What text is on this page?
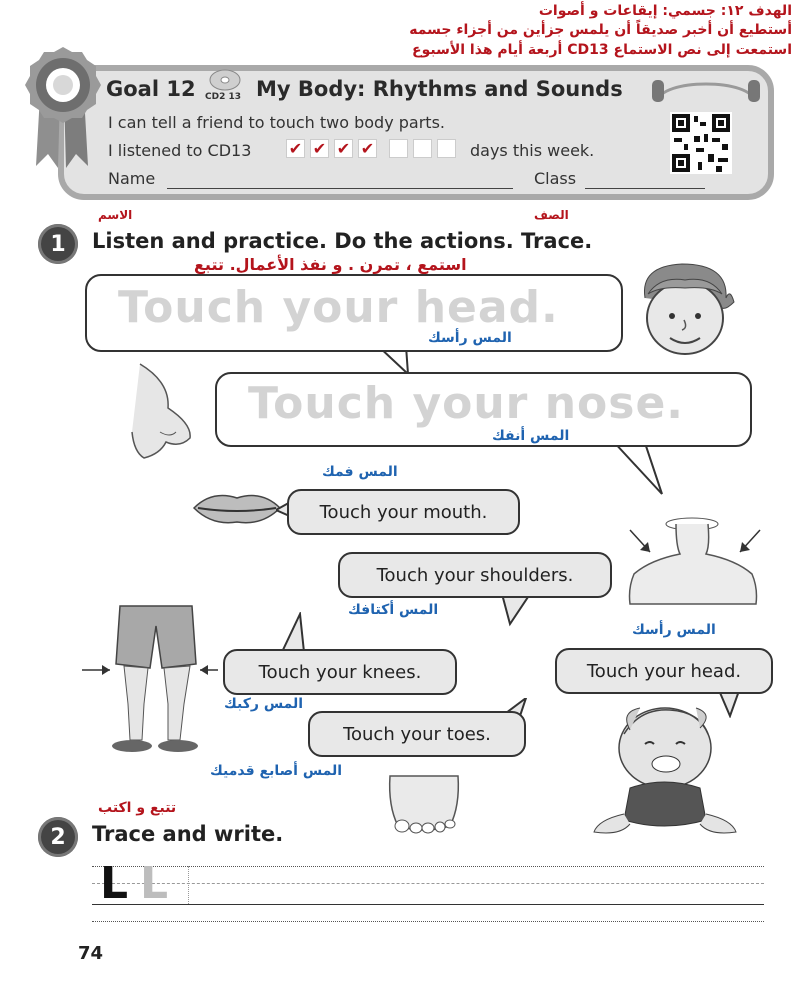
الهدف ١٢: جسمي: إيقاعات و أصوات
أستطيع أن أخبر صديقاً أن يلمس جزأين من أجزاء جسمه
استمعت إلى نص الاستماع CD13 أربعة أيام هذا الأسبوع
Goal 12 CD2 13 My Body: Rhythms and Sounds
I can tell a friend to touch two body parts.
I listened to CD13 ✔ ✔ ✔ ✔	days this week.
Name	Class
الاسم	الصف
1	Listen and practice. Do the actions. Trace.
استمع ، تمرن . و نفذ الأعمال. تتبع
Touch your head.
المس رأسك
Touch your nose.
المس أنفك
المس فمك
Touch your mouth.
Touch your shoulders.
المس أكتافك
المس رأسك
Touch your head.
Touch your knees.
المس ركبك
Touch your toes.
المس أصابع قدميك
تتبع و اكتب
2	Trace and write.
L L
74
